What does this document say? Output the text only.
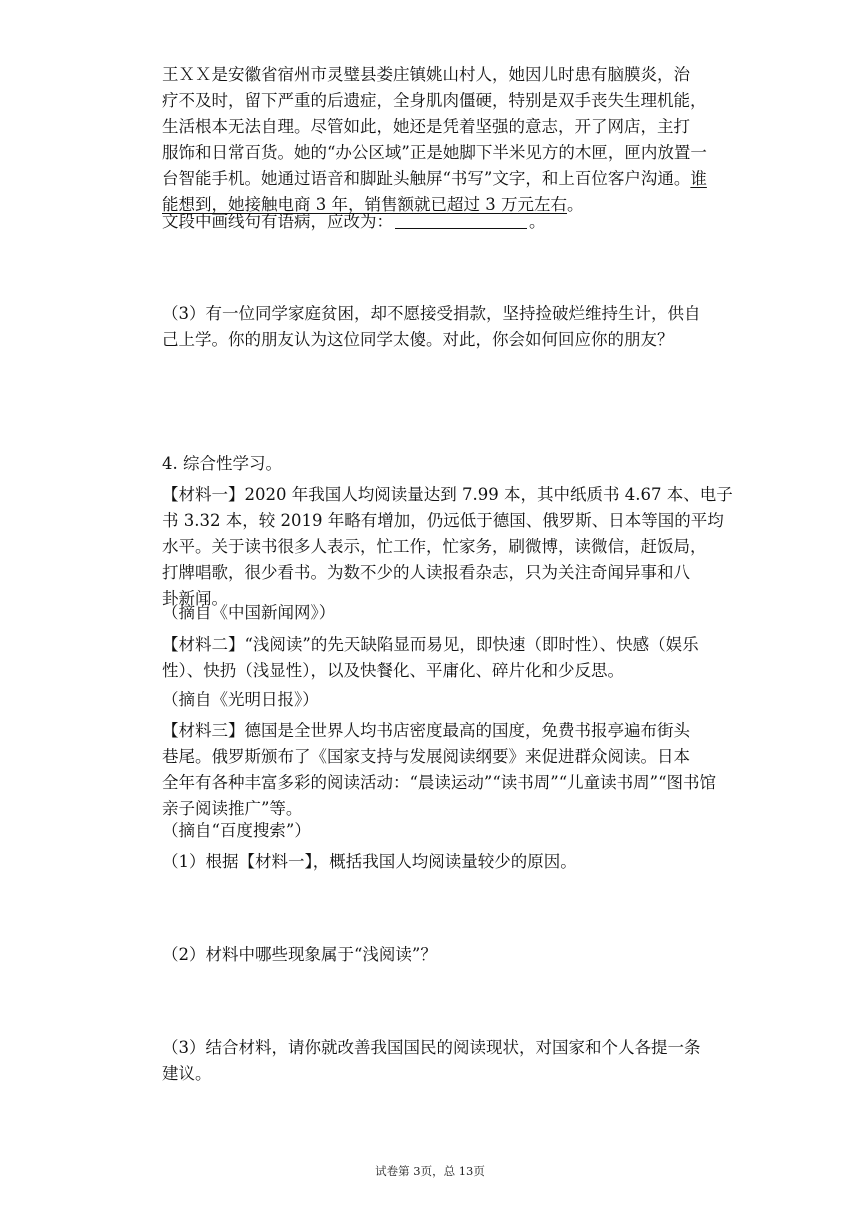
王ＸＸ是安徽省宿州市灵璧县娄庄镇姚山村人，她因儿时患有脑膜炎，治
疗不及时，留下严重的后遗症，全身肌肉僵硬，特别是双手丧失生理机能，
生活根本无法自理。尽管如此，她还是凭着坚强的意志，开了网店，主打
服饰和日常百货。她的“办公区域”正是她脚下半米见方的木匣，匣内放置一
台智能手机。她通过语音和脚趾头触屏“书写”文字，和上百位客户沟通。谁
能想到，她接触电商 3 年，销售额就已超过 3 万元左右。
文段中画线句有语病，应改为：	。
（3）有一位同学家庭贫困，却不愿接受捐款，坚持捡破烂维持生计，供自
己上学。你的朋友认为这位同学太傻。对此，你会如何回应你的朋友？
4. 综合性学习。
【材料一】2020 年我国人均阅读量达到 7.99 本，其中纸质书 4.67 本、电子
书 3.32 本，较 2019 年略有增加，仍远低于德国、俄罗斯、日本等国的平均
水平。关于读书很多人表示，忙工作，忙家务，刷微博，读微信，赶饭局，
打牌唱歌，很少看书。为数不少的人读报看杂志，只为关注奇闻异事和八
卦新闻。
（摘自《中国新闻网》）
【材料二】“浅阅读”的先天缺陷显而易见，即快速（即时性）、快感（娱乐
性）、快扔（浅显性），以及快餐化、平庸化、碎片化和少反思。
（摘自《光明日报》）
【材料三】德国是全世界人均书店密度最高的国度，免费书报亭遍布街头
巷尾。俄罗斯颁布了《国家支持与发展阅读纲要》来促进群众阅读。日本
全年有各种丰富多彩的阅读活动：“晨读运动”“读书周”“儿童读书周”“图书馆
亲子阅读推广”等。
（摘自“百度搜索”）
（1）根据【材料一】，概括我国人均阅读量较少的原因。
（2）材料中哪些现象属于“浅阅读”？
（3）结合材料，请你就改善我国国民的阅读现状，对国家和个人各提一条
建议。
试卷第 3页，总 13页
